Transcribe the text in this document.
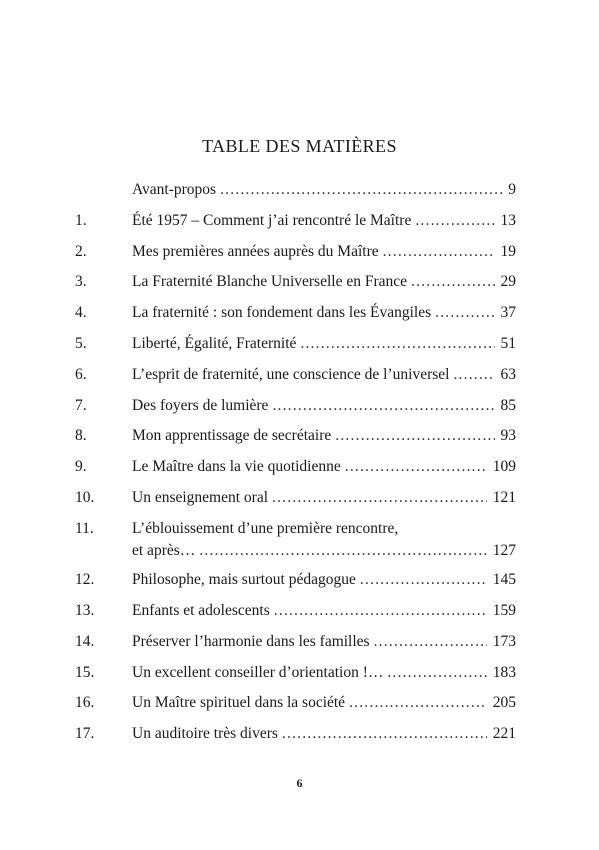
TABLE DES MATIÈRES
Avant-propos .....	9
1.	Été 1957 – Comment j’ai rencontré le Maître .....	13
2.	Mes premières années auprès du Maître .....	19
3.	La Fraternité Blanche Universelle en France .....	29
4.	La fraternité : son fondement dans les Évangiles .....	37
5.	Liberté, Égalité, Fraternité .....	51
6.	L’esprit de fraternité, une conscience de l’universel .....	63
7.	Des foyers de lumière .....	85
8.	Mon apprentissage de secrétaire .....	93
9.	Le Maître dans la vie quotidienne .....	109
10.	Un enseignement oral .....	121
11.	L’éblouissement d’une première rencontre,
et après… .....	127
12.	Philosophe, mais surtout pédagogue .....	145
13.	Enfants et adolescents .....	159
14.	Préserver l’harmonie dans les familles .....	173
15.	Un excellent conseiller d’orientation !… .....	183
16.	Un Maître spirituel dans la société .....	205
17.	Un auditoire très divers .....	221
6
